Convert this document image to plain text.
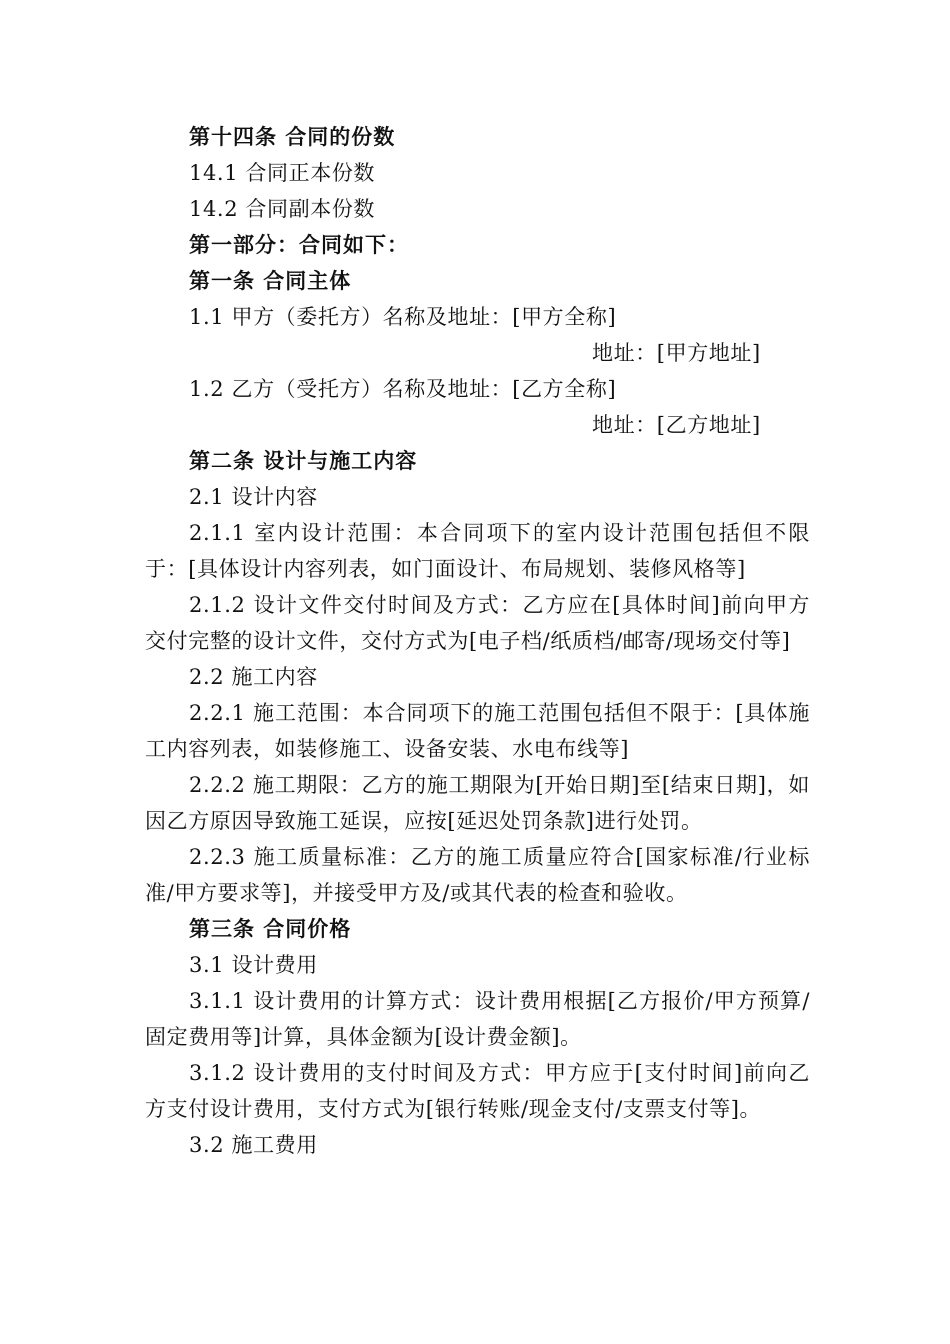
第十四条 合同的份数
14.1 合同正本份数
14.2 合同副本份数
第一部分：合同如下：
第一条 合同主体
1.1 甲方（委托方）名称及地址：[甲方全称]
地址：[甲方地址]
1.2 乙方（受托方）名称及地址：[乙方全称]
地址：[乙方地址]
第二条 设计与施工内容
2.1 设计内容
2.1.1 室内设计范围：本合同项下的室内设计范围包括但不限于：[具体设计内容列表，如门面设计、布局规划、装修风格等]
2.1.2 设计文件交付时间及方式：乙方应在[具体时间]前向甲方交付完整的设计文件，交付方式为[电子档/纸质档/邮寄/现场交付等]
2.2 施工内容
2.2.1 施工范围：本合同项下的施工范围包括但不限于：[具体施工内容列表，如装修施工、设备安装、水电布线等]
2.2.2 施工期限：乙方的施工期限为[开始日期]至[结束日期]，如因乙方原因导致施工延误，应按[延迟处罚条款]进行处罚。
2.2.3 施工质量标准：乙方的施工质量应符合[国家标准/行业标准/甲方要求等]，并接受甲方及/或其代表的检查和验收。
第三条 合同价格
3.1 设计费用
3.1.1 设计费用的计算方式：设计费用根据[乙方报价/甲方预算/固定费用等]计算，具体金额为[设计费金额]。
3.1.2 设计费用的支付时间及方式：甲方应于[支付时间]前向乙方支付设计费用，支付方式为[银行转账/现金支付/支票支付等]。
3.2 施工费用
